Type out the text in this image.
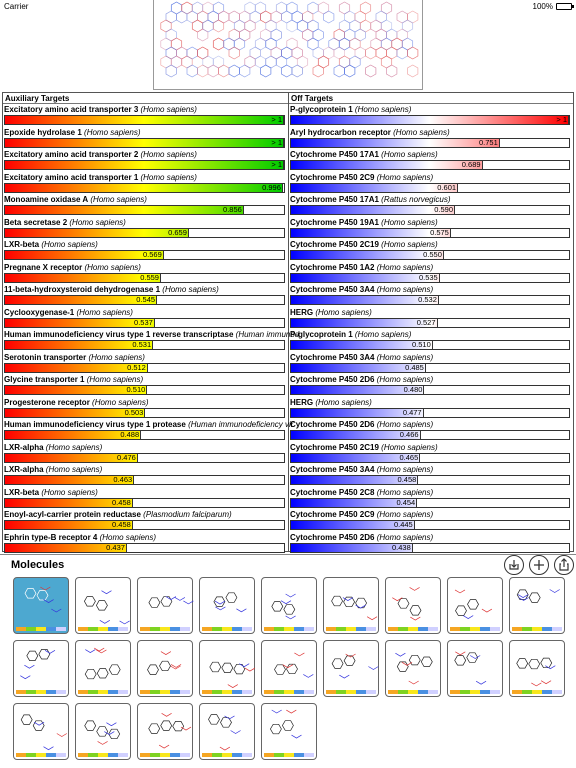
Carrier	100%
Auxiliary Targets
Excitatory amino acid transporter 3 (Homo sapiens)
> 1
Epoxide hydrolase 1 (Homo sapiens)
> 1
Excitatory amino acid transporter 2 (Homo sapiens)
> 1
Excitatory amino acid transporter 1 (Homo sapiens)
0.996
Monoamine oxidase A (Homo sapiens)
0.856
Beta secretase 2 (Homo sapiens)
0.659
LXR-beta (Homo sapiens)
0.569
Pregnane X receptor (Homo sapiens)
0.559
11-beta-hydroxysteroid dehydrogenase 1 (Homo sapiens)
0.545
Cyclooxygenase-1 (Homo sapiens)
0.537
Human immunodeficiency virus type 1 reverse transcriptase (Human immunod
0.531
Serotonin transporter (Homo sapiens)
0.512
Glycine transporter 1 (Homo sapiens)
0.510
Progesterone receptor (Homo sapiens)
0.503
Human immunodeficiency virus type 1 protease (Human immunodeficiency vir
0.488
LXR-alpha (Homo sapiens)
0.476
LXR-alpha (Homo sapiens)
0.463
LXR-beta (Homo sapiens)
0.458
Enoyl-acyl-carrier protein reductase (Plasmodium falciparum)
0.458
Ephrin type-B receptor 4 (Homo sapiens)
0.437
Off Targets
P-glycoprotein 1 (Homo sapiens)
> 1
Aryl hydrocarbon receptor (Homo sapiens)
0.751
Cytochrome P450 17A1 (Homo sapiens)
0.689
Cytochrome P450 2C9 (Homo sapiens)
0.601
Cytochrome P450 17A1 (Rattus norvegicus)
0.590
Cytochrome P450 19A1 (Homo sapiens)
0.575
Cytochrome P450 2C19 (Homo sapiens)
0.550
Cytochrome P450 1A2 (Homo sapiens)
0.535
Cytochrome P450 3A4 (Homo sapiens)
0.532
HERG (Homo sapiens)
0.527
P-glycoprotein 1 (Homo sapiens)
0.510
Cytochrome P450 3A4 (Homo sapiens)
0.485
Cytochrome P450 2D6 (Homo sapiens)
0.480
HERG (Homo sapiens)
0.477
Cytochrome P450 2D6 (Homo sapiens)
0.466
Cytochrome P450 2C19 (Homo sapiens)
0.465
Cytochrome P450 3A4 (Homo sapiens)
0.458
Cytochrome P450 2C8 (Homo sapiens)
0.454
Cytochrome P450 2C9 (Homo sapiens)
0.445
Cytochrome P450 2D6 (Homo sapiens)
0.438
Molecules
